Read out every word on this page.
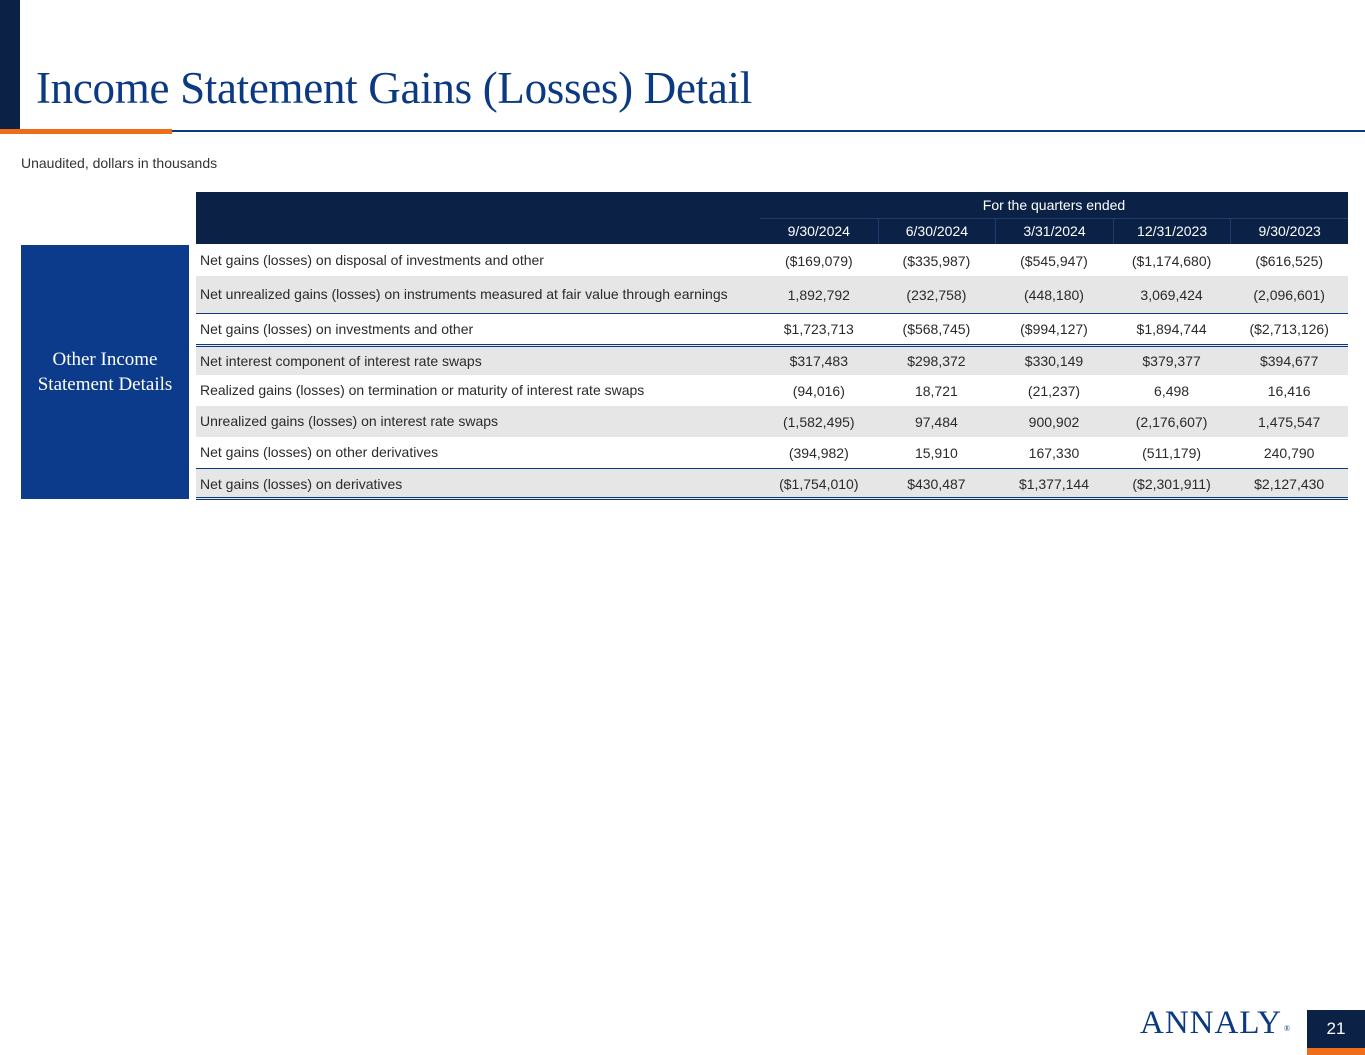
Income Statement Gains (Losses) Detail
Unaudited, dollars in thousands
Other Income
Statement Details
For the quarters ended
9/30/2024	6/30/2024	3/31/2024	12/31/2023	9/30/2023
Net gains (losses) on disposal of investments and other	($169,079)	($335,987)	($545,947)	($1,174,680)	($616,525)
Net unrealized gains (losses) on instruments measured at fair value through earnings	1,892,792	(232,758)	(448,180)	3,069,424	(2,096,601)
Net gains (losses) on investments and other	$1,723,713	($568,745)	($994,127)	$1,894,744	($2,713,126)
Net interest component of interest rate swaps	$317,483	$298,372	$330,149	$379,377	$394,677
Realized gains (losses) on termination or maturity of interest rate swaps	(94,016)	18,721	(21,237)	6,498	16,416
Unrealized gains (losses) on interest rate swaps	(1,582,495)	97,484	900,902	(2,176,607)	1,475,547
Net gains (losses) on other derivatives	(394,982)	15,910	167,330	(511,179)	240,790
Net gains (losses) on derivatives	($1,754,010)	$430,487	$1,377,144	($2,301,911)	$2,127,430
ANNALY ®	21
